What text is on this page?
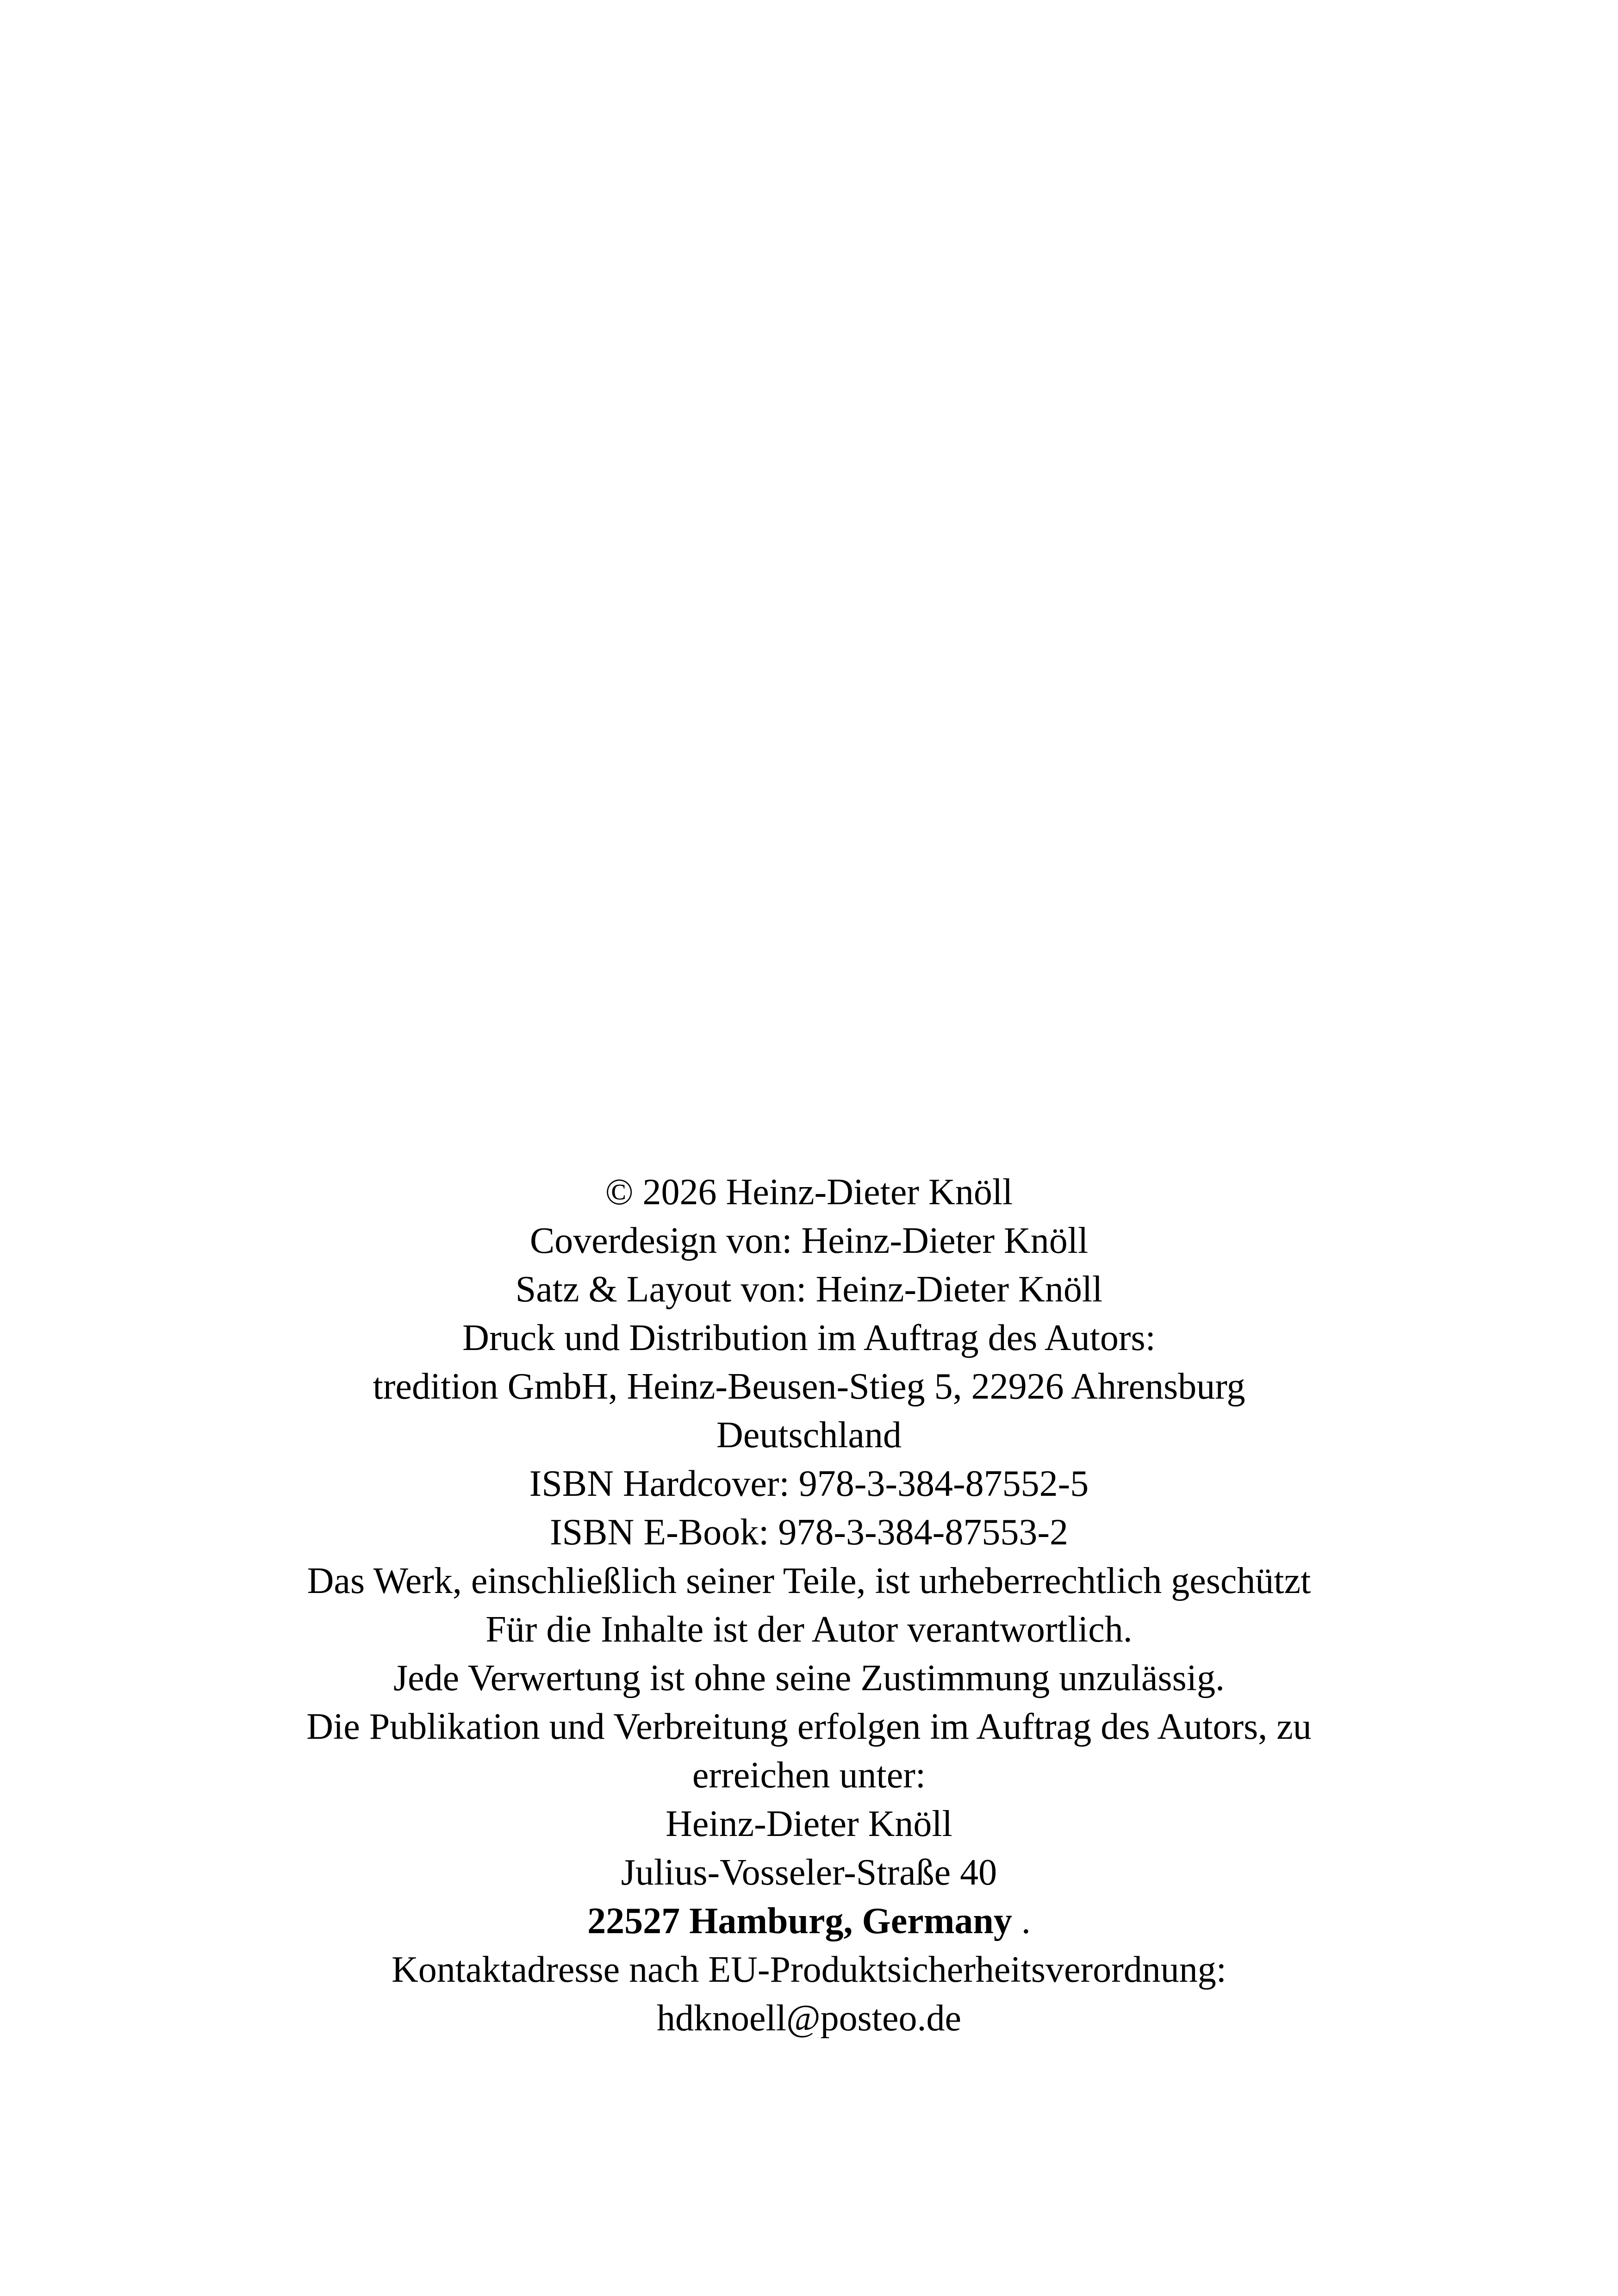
© 2026 Heinz-Dieter Knöll
Coverdesign von: Heinz-Dieter Knöll
Satz & Layout von: Heinz-Dieter Knöll
Druck und Distribution im Auftrag des Autors:
tredition GmbH, Heinz-Beusen-Stieg 5, 22926 Ahrensburg
Deutschland
ISBN Hardcover: 978-3-384-87552-5
ISBN E-Book: 978-3-384-87553-2
Das Werk, einschließlich seiner Teile, ist urheberrechtlich geschützt
Für die Inhalte ist der Autor verantwortlich.
Jede Verwertung ist ohne seine Zustimmung unzulässig.
Die Publikation und Verbreitung erfolgen im Auftrag des Autors, zu
erreichen unter:
Heinz-Dieter Knöll
Julius-Vosseler-Straße 40
22527 Hamburg, Germany .
Kontaktadresse nach EU-Produktsicherheitsverordnung:
hdknoell@posteo.de
